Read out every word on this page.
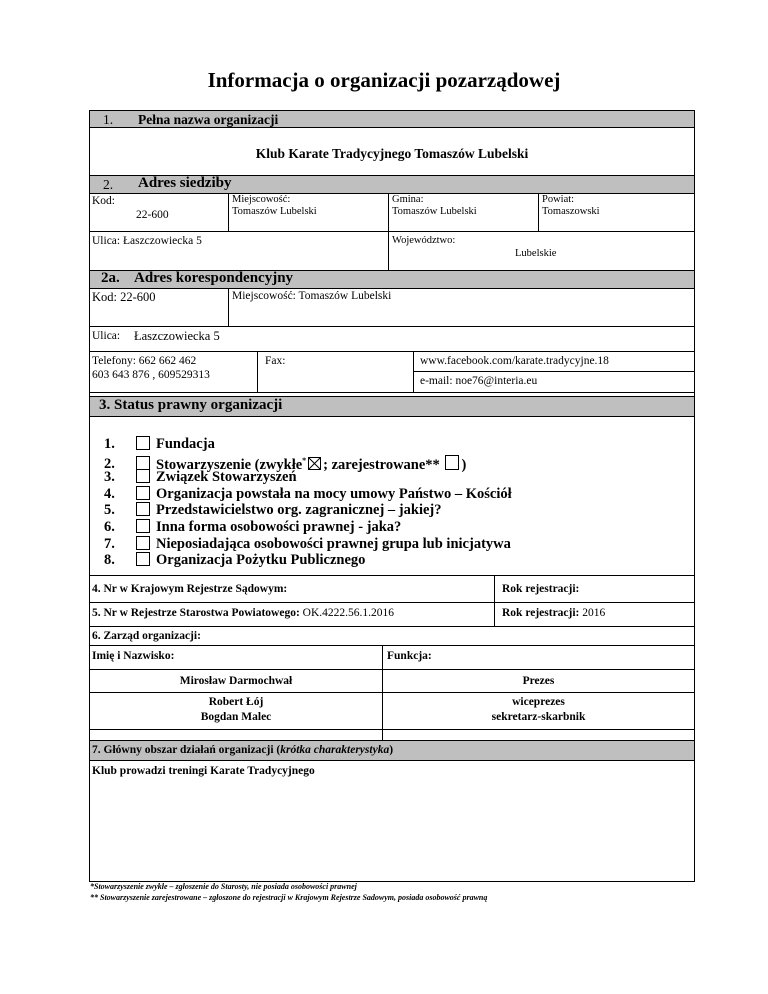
Informacja o organizacji pozarządowej
1. Pełna nazwa organizacji
Klub Karate Tradycyjnego Tomaszów Lubelski
2. Adres siedziby
Kod:
22-600
Miejscowość:
Tomaszów Lubelski
Gmina:
Tomaszów Lubelski
Powiat:
Tomaszowski
Ulica: Łaszczowiecka 5	Województwo:
Lubelskie
2a. Adres korespondencyjny
Kod: 22-600	Miejscowość: Tomaszów Lubelski
Ulica: Łaszczowiecka 5
Telefony: 662 662 462
603 643 876 , 609529313
Fax:	www.facebook.com/karate.tradycyjne.18
e-mail: noe76@interia.eu
3. Status prawny organizacji
1.	Fundacja
2.	Stowarzyszenie (zwykłe* ; zarejestrowane** )
3.	Związek Stowarzyszeń
4.	Organizacja powstała na mocy umowy Państwo – Kościół
5.	Przedstawicielstwo org. zagranicznej – jakiej?
6.	Inna forma osobowości prawnej - jaka?
7.	Nieposiadająca osobowości prawnej grupa lub inicjatywa
8.	Organizacja Pożytku Publicznego
4. Nr w Krajowym Rejestrze Sądowym:	Rok rejestracji:
5. Nr w Rejestrze Starostwa Powiatowego: OK.4222.56.1.2016	Rok rejestracji: 2016
6. Zarząd organizacji:
Imię i Nazwisko:	Funkcja:
Mirosław Darmochwał	Prezes
Robert Łój	wiceprezes
Bogdan Malec	sekretarz-skarbnik
7. Główny obszar działań organizacji (krótka charakterystyka)
Klub prowadzi treningi Karate Tradycyjnego
*Stowarzyszenie zwykłe – zgłoszenie do Starosty, nie posiada osobowości prawnej
** Stowarzyszenie zarejestrowane – zgłoszone do rejestracji w Krajowym Rejestrze Sadowym, posiada osobowość prawną
